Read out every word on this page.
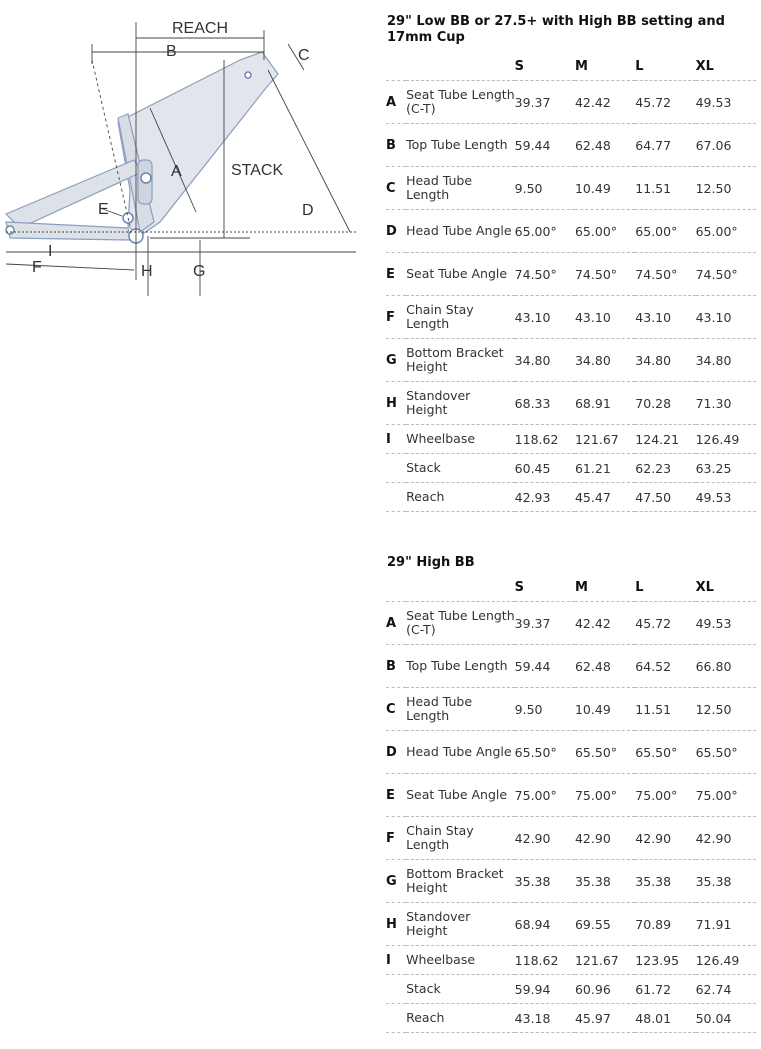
REACH
STACK
A
B	C
D
E
F	G
H
I
29" Low BB or 27.5+ with High BB setting and 17mm Cup
		S	M	L	XL
A	Seat Tube Length (C-T)	39.37	42.42	45.72	49.53
B	Top Tube Length	59.44	62.48	64.77	67.06
C	Head Tube Length	9.50	10.49	11.51	12.50
D	Head Tube Angle	65.00°	65.00°	65.00°	65.00°
E	Seat Tube Angle	74.50°	74.50°	74.50°	74.50°
F	Chain Stay Length	43.10	43.10	43.10	43.10
G	Bottom Bracket Height	34.80	34.80	34.80	34.80
H	Standover Height	68.33	68.91	70.28	71.30
I	Wheelbase	118.62	121.67	124.21	126.49
	Stack	60.45	61.21	62.23	63.25
	Reach	42.93	45.47	47.50	49.53
29" High BB
		S	M	L	XL
A	Seat Tube Length (C-T)	39.37	42.42	45.72	49.53
B	Top Tube Length	59.44	62.48	64.52	66.80
C	Head Tube Length	9.50	10.49	11.51	12.50
D	Head Tube Angle	65.50°	65.50°	65.50°	65.50°
E	Seat Tube Angle	75.00°	75.00°	75.00°	75.00°
F	Chain Stay Length	42.90	42.90	42.90	42.90
G	Bottom Bracket Height	35.38	35.38	35.38	35.38
H	Standover Height	68.94	69.55	70.89	71.91
I	Wheelbase	118.62	121.67	123.95	126.49
	Stack	59.94	60.96	61.72	62.74
	Reach	43.18	45.97	48.01	50.04
